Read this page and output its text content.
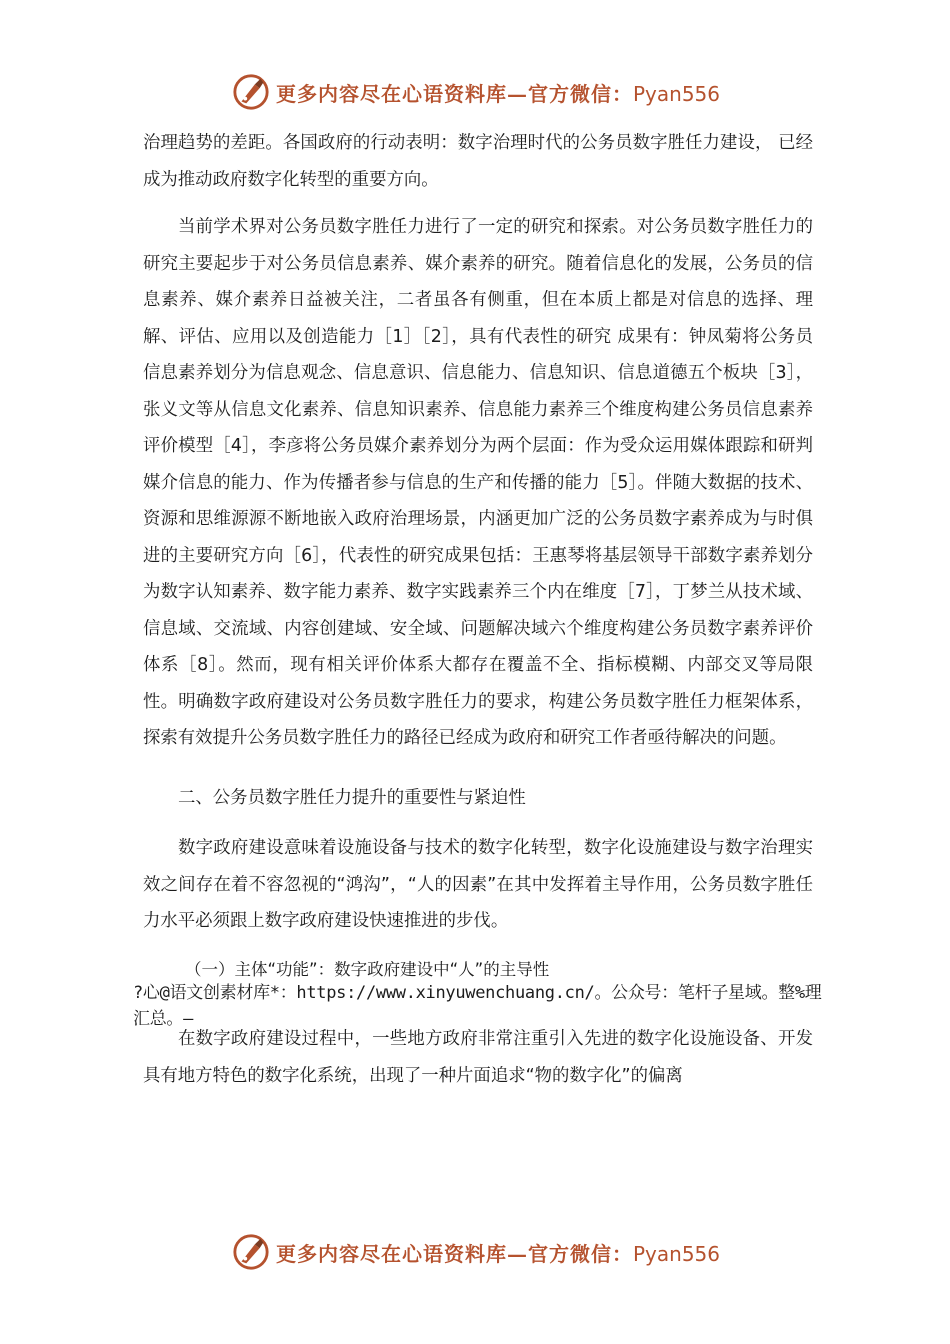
更多内容尽在心语资料库—官方微信：Pyan556

治理趋势的差距。各国政府的行动表明：数字治理时代的公务员数字胜任力建设， 已经成为推动政府数字化转型的重要方向。

当前学术界对公务员数字胜任力进行了一定的研究和探索。对公务员数字胜任力的研究主要起步于对公务员信息素养、媒介素养的研究。随着信息化的发展，公务员的信息素养、媒介素养日益被关注，二者虽各有侧重，但在本质上都是对信息的选择、理解、评估、应用以及创造能力［1］［2］，具有代表性的研究 成果有：钟凤菊将公务员信息素养划分为信息观念、信息意识、信息能力、信息知识、信息道德五个板块［3］，张义文等从信息文化素养、信息知识素养、信息能力素养三个维度构建公务员信息素养评价模型［4］，李彦将公务员媒介素养划分为两个层面：作为受众运用媒体跟踪和研判媒介信息的能力、作为传播者参与信息的生产和传播的能力［5］。伴随大数据的技术、资源和思维源源不断地嵌入政府治理场景，内涵更加广泛的公务员数字素养成为与时俱进的主要研究方向［6］，代表性的研究成果包括：王惠琴将基层领导干部数字素养划分为数字认知素养、数字能力素养、数字实践素养三个内在维度［7］，丁梦兰从技术域、信息域、交流域、内容创建域、安全域、问题解决域六个维度构建公务员数字素养评价体系［8］。然而，现有相关评价体系大都存在覆盖不全、指标模糊、内部交叉等局限性。明确数字政府建设对公务员数字胜任力的要求，构建公务员数字胜任力框架体系，探索有效提升公务员数字胜任力的路径已经成为政府和研究工作者亟待解决的问题。

二、公务员数字胜任力提升的重要性与紧迫性

数字政府建设意味着设施设备与技术的数字化转型，数字化设施建设与数字治理实效之间存在着不容忽视的“鸿沟”，“人的因素”在其中发挥着主导作用，公务员数字胜任力水平必须跟上数字政府建设快速推进的步伐。

（一）主体“功能”：数字政府建设中“人”的主导性

?心@语文创素材库*：https://www.xinyuwenchuang.cn/。公众号：笔杆子星域。整%理汇总。—

在数字政府建设过程中，一些地方政府非常注重引入先进的数字化设施设备、开发具有地方特色的数字化系统，出现了一种片面追求“物的数字化”的偏离

更多内容尽在心语资料库—官方微信：Pyan556
